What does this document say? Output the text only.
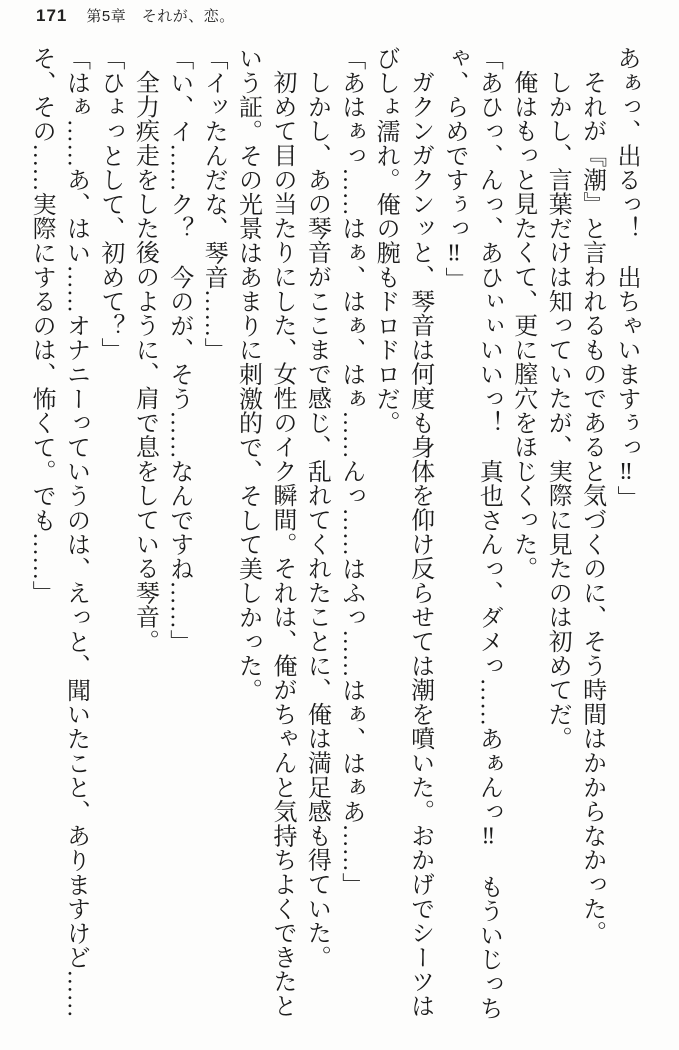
171 第5章　それが、恋。

あぁっ、出るっ！　出ちゃいますぅっ‼」

それが『潮』と言われるものであると気づくのに、そう時間はかからなかった。

しかし、言葉だけは知っていたが、実際に見たのは初めてだ。

俺はもっと見たくて、更に膣穴をほじくった。

「あひっ、んっ、あひぃぃいいっ！　真也さんっ、ダメっ……あぁんっ‼　もういじっち

ゃ、らめですぅっ‼」

ガクンガクンッと、琴音は何度も身体を仰け反らせては潮を噴いた。おかげでシーツは

びしょ濡れ。俺の腕もドロドロだ。

「あはぁっ……はぁ、はぁ、はぁ……んっ……はふっ……はぁ、はぁあ……」

しかし、あの琴音がここまで感じ、乱れてくれたことに、俺は満足感も得ていた。

初めて目の当たりにした、女性のイク瞬間。それは、俺がちゃんと気持ちよくできたと

いう証。その光景はあまりに刺激的で、そして美しかった。

「イッたんだな、琴音……」

「い、イ……ク？　今のが、そう……なんですね……」

全力疾走をした後のように、肩で息をしている琴音。

「ひょっとして、初めて？」

「はぁ……あ、はい……オナニーっていうのは、えっと、聞いたこと、ありますけど……

そ、その……実際にするのは、怖くて。でも……」
